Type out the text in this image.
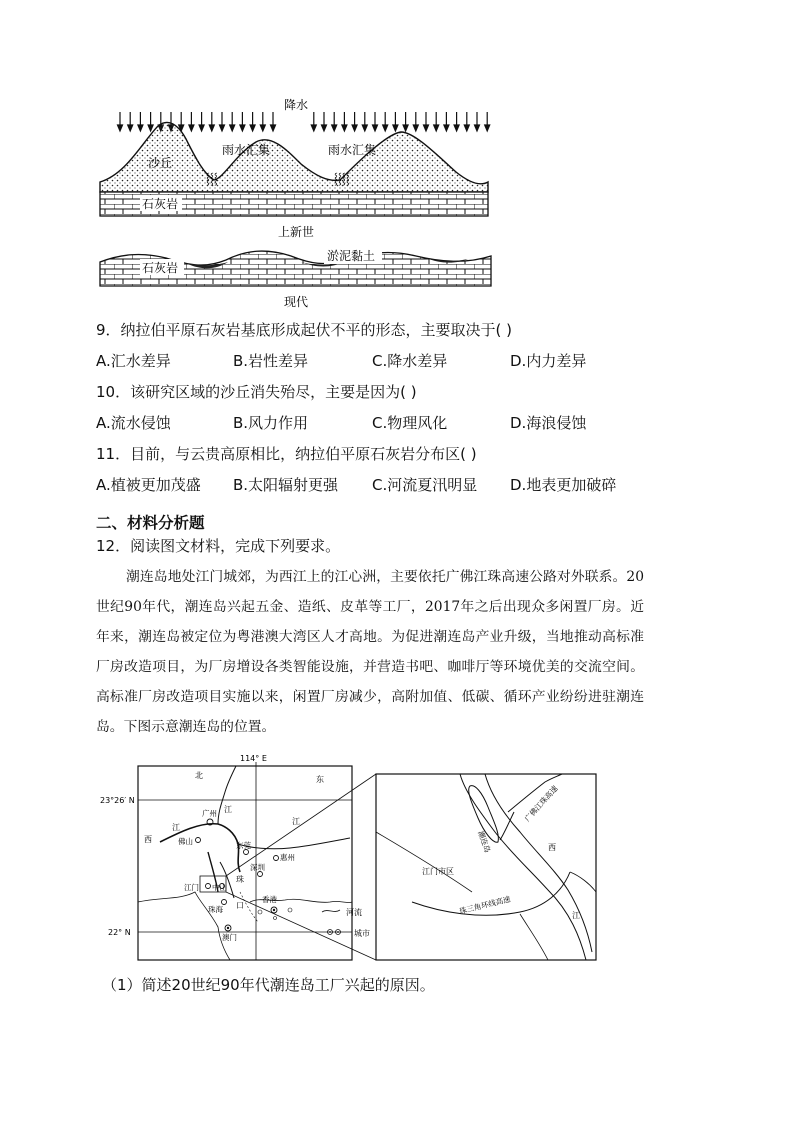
⸾⸾⸾	⸾⸾⸾⸾
降水
沙丘
雨水汇集	雨水汇集
石灰岩
上新世
石灰岩
淤泥黏土
现代
9．纳拉伯平原石灰岩基底形成起伏不平的形态，主要取决于( )
A.汇水差异	B.岩性差异	C.降水差异	D.内力差异
10．该研究区域的沙丘消失殆尽，主要是因为( )
A.流水侵蚀	B.风力作用	C.物理风化	D.海浪侵蚀
11．目前，与云贵高原相比，纳拉伯平原石灰岩分布区( )
A.植被更加茂盛 B.太阳辐射更强 C.河流夏汛明显 D.地表更加破碎
二、材料分析题
12．阅读图文材料，完成下列要求。
潮连岛地处江门城郊，为西江上的江心洲，主要依托广佛江珠高速公路对外联系。20世纪90年代，潮连岛兴起五金、造纸、皮革等工厂，2017年之后出现众多闲置厂房。近年来，潮连岛被定位为粤港澳大湾区人才高地。为促进潮连岛产业升级，当地推动高标准厂房改造项目，为厂房增设各类智能设施，并营造书吧、咖啡厅等环境优美的交流空间。高标准厂房改造项目实施以来，闲置厂房减少，高附加值、低碳、循环产业纷纷进驻潮连岛。下图示意潮连岛的位置。
114° E
23°26′ N
22° N
北	东
西
江
江
江
广州
佛山	东莞
惠州
深圳
江门 中山
珠
口
珠海
香港
澳门
河流
城市
潮连岛
广佛江珠高速
江门市区
珠三角环线高速
西
江
（1）简述20世纪90年代潮连岛工厂兴起的原因。
